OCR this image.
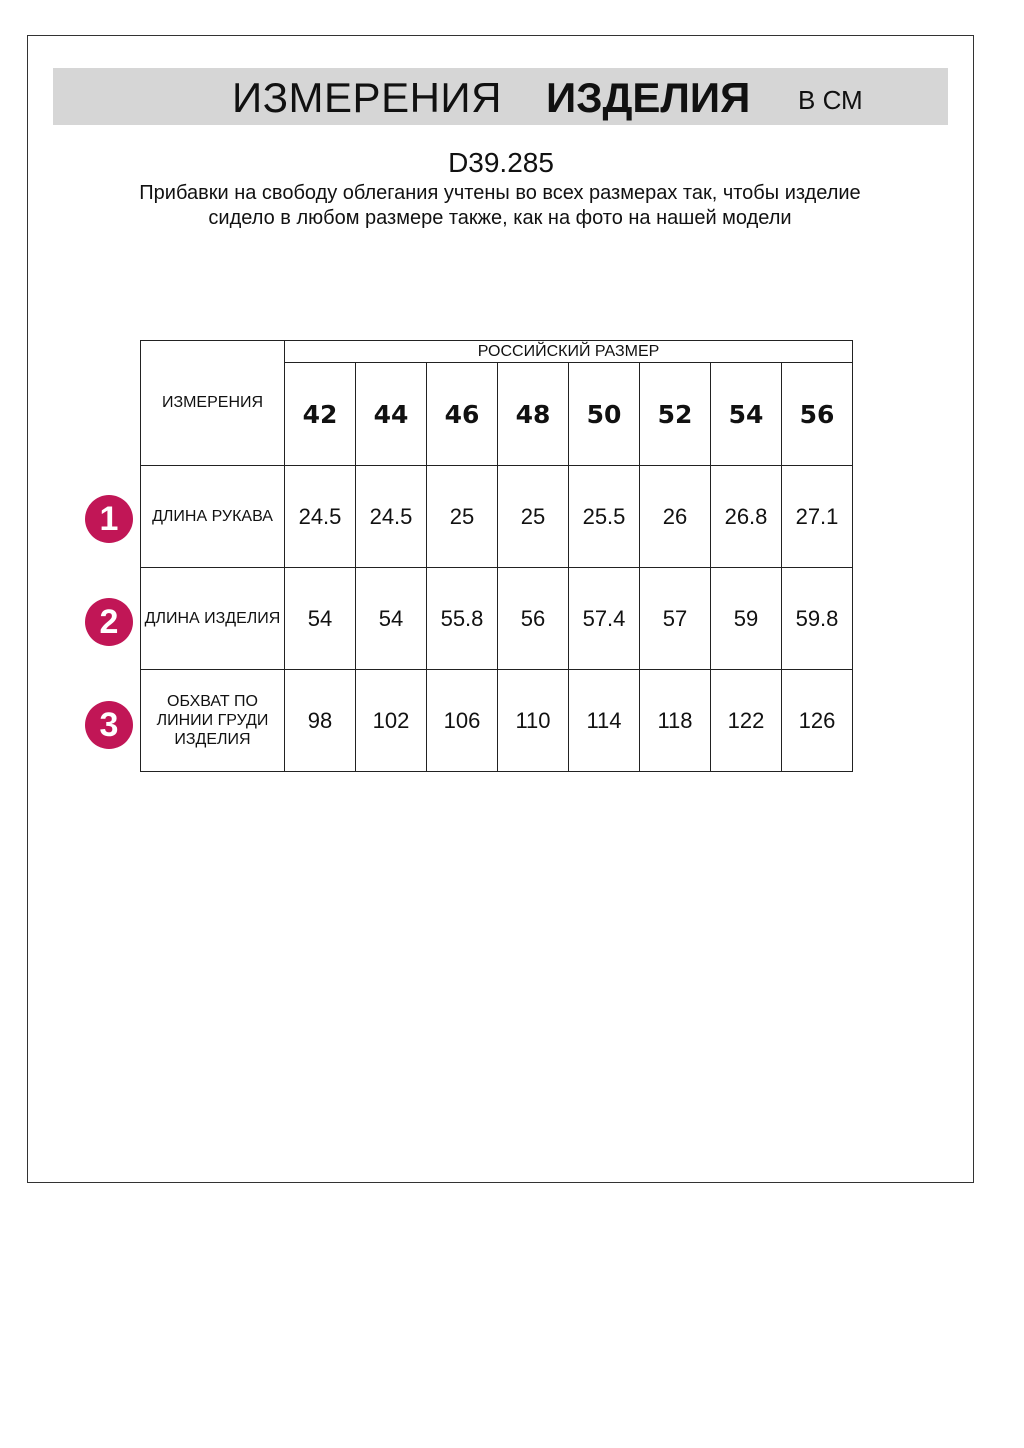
ИЗМЕРЕНИЯ ИЗДЕЛИЯ В СМ
D39.285
Прибавки на свободу облегания учтены во всех размерах так, чтобы изделие сидело в любом размере также, как на фото на нашей модели
ИЗМЕРЕНИЯ	РОССИЙСКИЙ РАЗМЕР							
	42	44	46	48	50	52	54	56
ДЛИНА РУКАВА	24.5	24.5	25	25	25.5	26	26.8	27.1
ДЛИНА ИЗДЕЛИЯ	54	54	55.8	56	57.4	57	59	59.8
ОБХВАТ ПО ЛИНИИ ГРУДИ ИЗДЕЛИЯ	98	102	106	110	114	118	122	126
1
2
3
